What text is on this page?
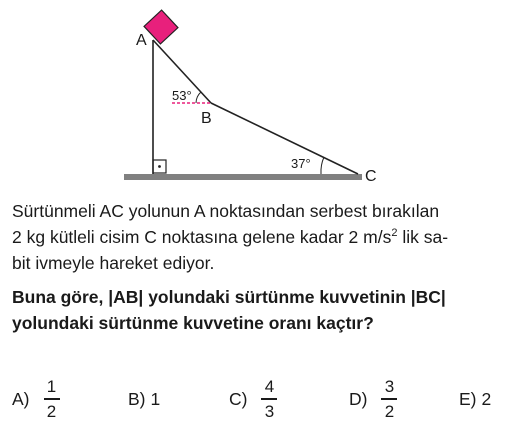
A
B
C
53°
37°
Sürtünmeli AC yolunun A noktasından serbest bırakılan
2 kg kütleli cisim C noktasına gelene kadar 2 $m/s^2$ lik sa-
bit ivmeyle hareket ediyor.
Buna göre, |AB| yolundaki sürtünme kuvvetinin |BC|
yolundaki sürtünme kuvvetine oranı kaçtır?
$A) \frac{1}{2}$	B) 1	$C) \frac{4}{3}$	$D) \frac{3}{2}$	E) 2
